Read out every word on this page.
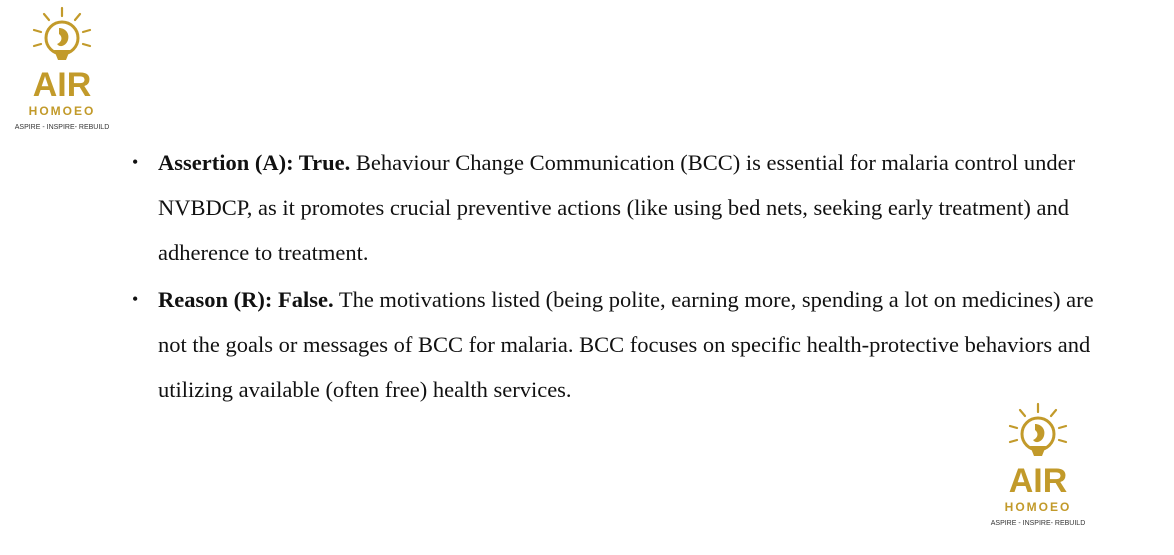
AIR
HOMOEO
ASPIRE - INSPIRE- REBUILD
• Assertion (A): True. Behaviour Change Communication (BCC) is essential for malaria control under NVBDCP, as it promotes crucial preventive actions (like using bed nets, seeking early treatment) and adherence to treatment.
• Reason (R): False. The motivations listed (being polite, earning more, spending a lot on medicines) are not the goals or messages of BCC for malaria. BCC focuses on specific health-protective behaviors and utilizing available (often free) health services.
AIR
HOMOEO
ASPIRE - INSPIRE- REBUILD
